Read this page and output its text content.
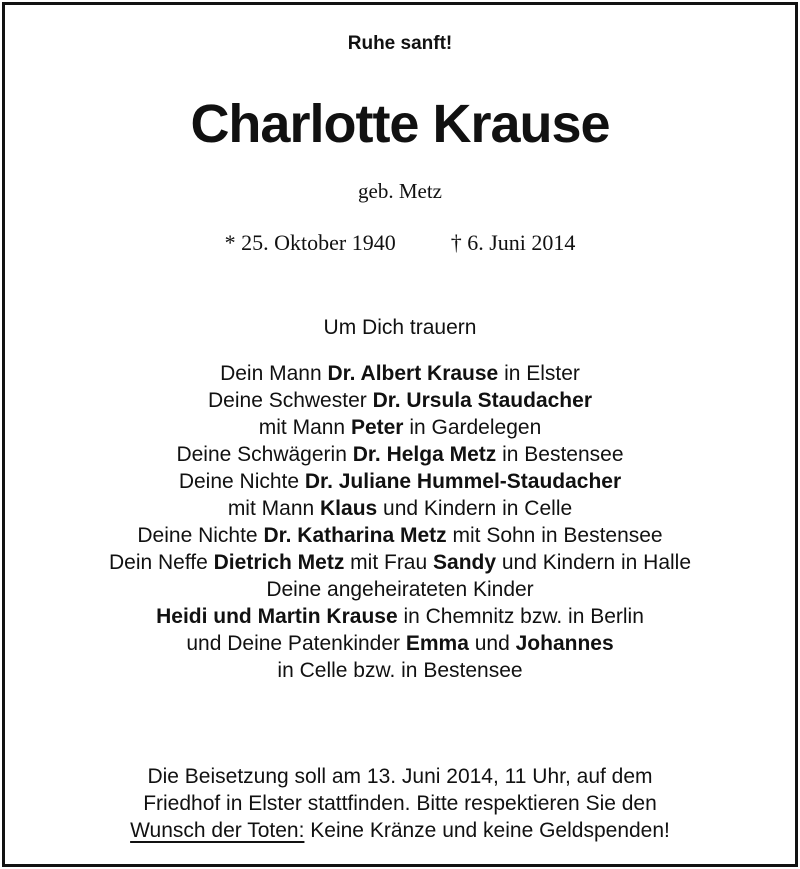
Ruhe sanft!
Charlotte Krause
geb. Metz
* 25. Oktober 1940	† 6. Juni 2014
Um Dich trauern
Dein Mann Dr. Albert Krause in Elster
Deine Schwester Dr. Ursula Staudacher
mit Mann Peter in Gardelegen
Deine Schwägerin Dr. Helga Metz in Bestensee
Deine Nichte Dr. Juliane Hummel-Staudacher
mit Mann Klaus und Kindern in Celle
Deine Nichte Dr. Katharina Metz mit Sohn in Bestensee
Dein Neffe Dietrich Metz mit Frau Sandy und Kindern in Halle
Deine angeheirateten Kinder
Heidi und Martin Krause in Chemnitz bzw. in Berlin
und Deine Patenkinder Emma und Johannes
in Celle bzw. in Bestensee
Die Beisetzung soll am 13. Juni 2014, 11 Uhr, auf dem
Friedhof in Elster stattfinden. Bitte respektieren Sie den
Wunsch der Toten: Keine Kränze und keine Geldspenden!
